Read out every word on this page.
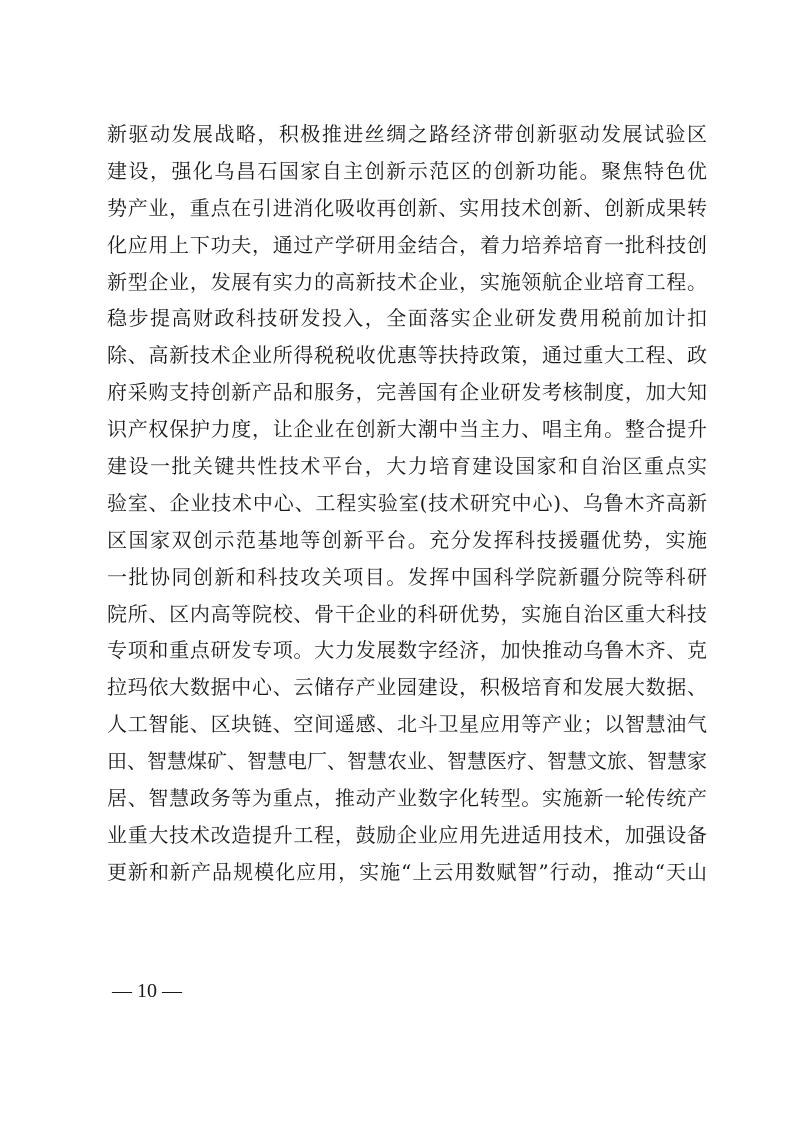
新驱动发展战略，积极推进丝绸之路经济带创新驱动发展试验区
建设，强化乌昌石国家自主创新示范区的创新功能。聚焦特色优
势产业，重点在引进消化吸收再创新、实用技术创新、创新成果转
化应用上下功夫，通过产学研用金结合，着力培养培育一批科技创
新型企业，发展有实力的高新技术企业，实施领航企业培育工程。
稳步提高财政科技研发投入，全面落实企业研发费用税前加计扣
除、高新技术企业所得税税收优惠等扶持政策，通过重大工程、政
府采购支持创新产品和服务，完善国有企业研发考核制度，加大知
识产权保护力度，让企业在创新大潮中当主力、唱主角。整合提升
建设一批关键共性技术平台，大力培育建设国家和自治区重点实
验室、企业技术中心、工程实验室(技术研究中心)、乌鲁木齐高新
区国家双创示范基地等创新平台。充分发挥科技援疆优势，实施
一批协同创新和科技攻关项目。发挥中国科学院新疆分院等科研
院所、区内高等院校、骨干企业的科研优势，实施自治区重大科技
专项和重点研发专项。大力发展数字经济，加快推动乌鲁木齐、克
拉玛依大数据中心、云储存产业园建设，积极培育和发展大数据、
人工智能、区块链、空间遥感、北斗卫星应用等产业；以智慧油气
田、智慧煤矿、智慧电厂、智慧农业、智慧医疗、智慧文旅、智慧家
居、智慧政务等为重点，推动产业数字化转型。实施新一轮传统产
业重大技术改造提升工程，鼓励企业应用先进适用技术，加强设备
更新和新产品规模化应用，实施“上云用数赋智”行动，推动“天山
— 10 —
